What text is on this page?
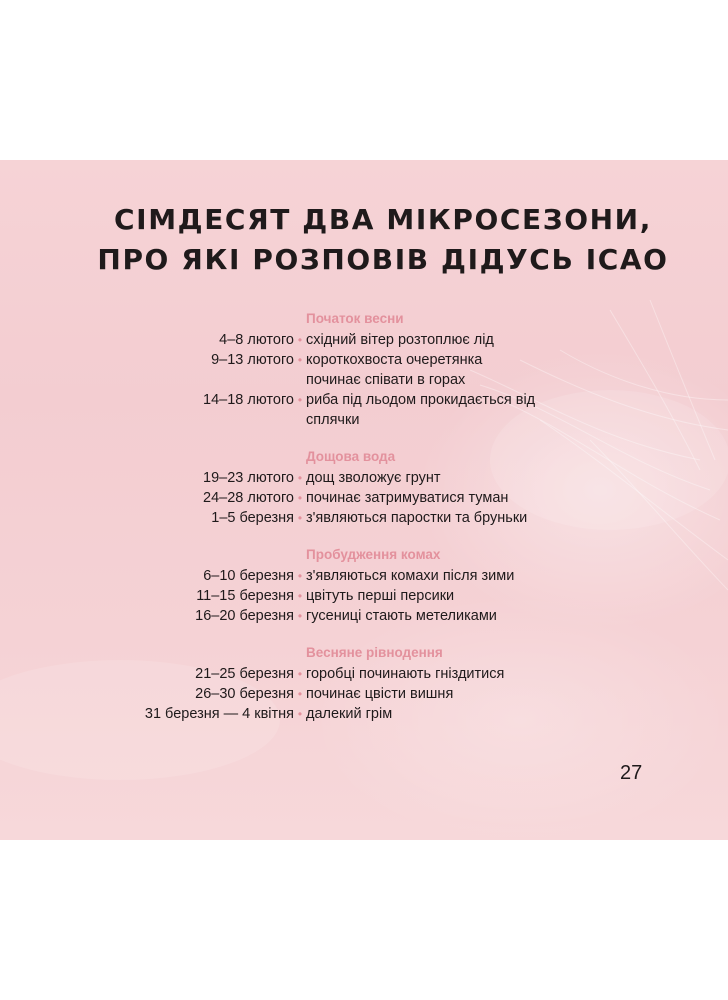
СІМДЕСЯТ ДВА МІКРОСЕЗОНИ,
ПРО ЯКІ РОЗПОВІВ ДІДУСЬ ІСАО
Початок весни
4–8 лютого • східний вітер розтоплює лід
9–13 лютого • короткохвоста очеретянка починає співати в горах
14–18 лютого • риба під льодом прокидається від сплячки
Дощова вода
19–23 лютого • дощ зволожує грунт
24–28 лютого • починає затримуватися туман
1–5 березня • з'являються паростки та бруньки
Пробудження комах
6–10 березня • з'являються комахи після зими
11–15 березня • цвітуть перші персики
16–20 березня • гусениці стають метеликами
Весняне рівнодення
21–25 березня • горобці починають гніздитися
26–30 березня • починає цвісти вишня
31 березня — 4 квітня • далекий грім
27
